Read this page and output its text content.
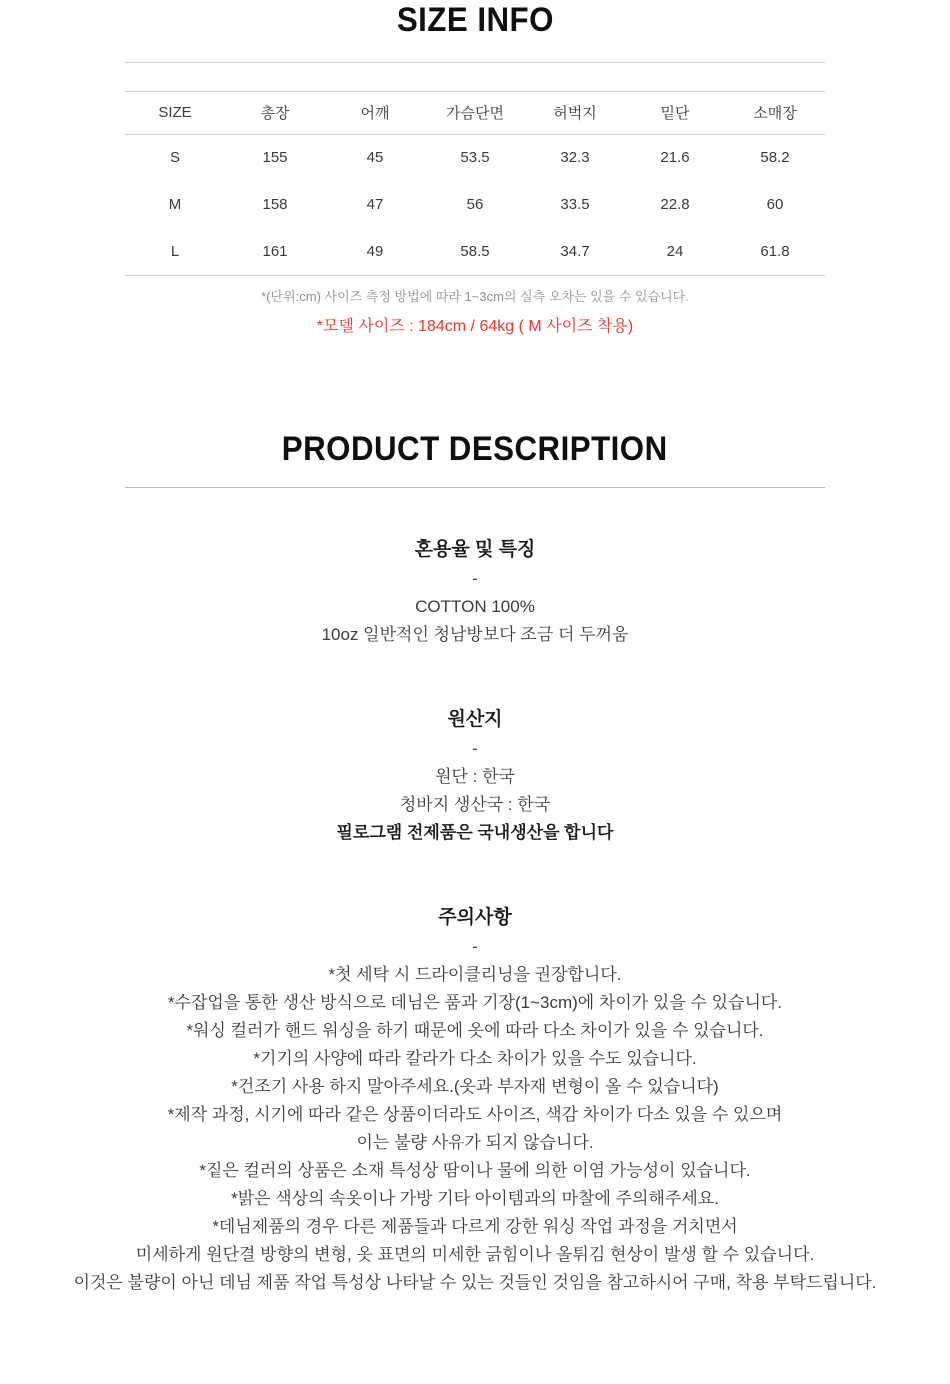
SIZE INFO
SIZE	총장	어깨	가슴단면	허벅지	밑단	소매장
S	155	45	53.5	32.3	21.6	58.2
M	158	47	56	33.5	22.8	60
L	161	49	58.5	34.7	24	61.8

*(단위:cm) 사이즈 측정 방법에 따라 1~3cm의 실측 오차는 있을 수 있습니다.

*모델 사이즈 : 184cm / 64kg ( M 사이즈 착용)

PRODUCT DESCRIPTION
혼용율 및 특징
-
COTTON 100%
10oz 일반적인 청남방보다 조금 더 두꺼움
원산지
-
원단 : 한국
청바지 생산국 : 한국
필로그램 전제품은 국내생산을 합니다
주의사항
-
*첫 세탁 시 드라이클리닝을 권장합니다.
*수잡업을 통한 생산 방식으로 데님은 품과 기장(1~3cm)에 차이가 있을 수 있습니다.
*워싱 컬러가 핸드 워싱을 하기 때문에 옷에 따라 다소 차이가 있을 수 있습니다.
*기기의 사양에 따라 칼라가 다소 차이가 있을 수도 있습니다.
*건조기 사용 하지 말아주세요.(옷과 부자재 변형이 올 수 있습니다)
*제작 과정, 시기에 따라 같은 상품이더라도 사이즈, 색감 차이가 다소 있을 수 있으며
이는 불량 사유가 되지 않습니다.
*짙은 컬러의 상품은 소재 특성상 땀이나 물에 의한 이염 가능성이 있습니다.
*밝은 색상의 속옷이나 가방 기타 아이템과의 마찰에 주의해주세요.
*데님제품의 경우 다른 제품들과 다르게 강한 워싱 작업 과정을 거치면서
미세하게 원단결 방향의 변형, 옷 표면의 미세한 긁힘이나 올튀김 현상이 발생 할 수 있습니다.
이것은 불량이 아닌 데님 제품 작업 특성상 나타날 수 있는 것들인 것임을 참고하시어 구매, 착용 부탁드립니다.
